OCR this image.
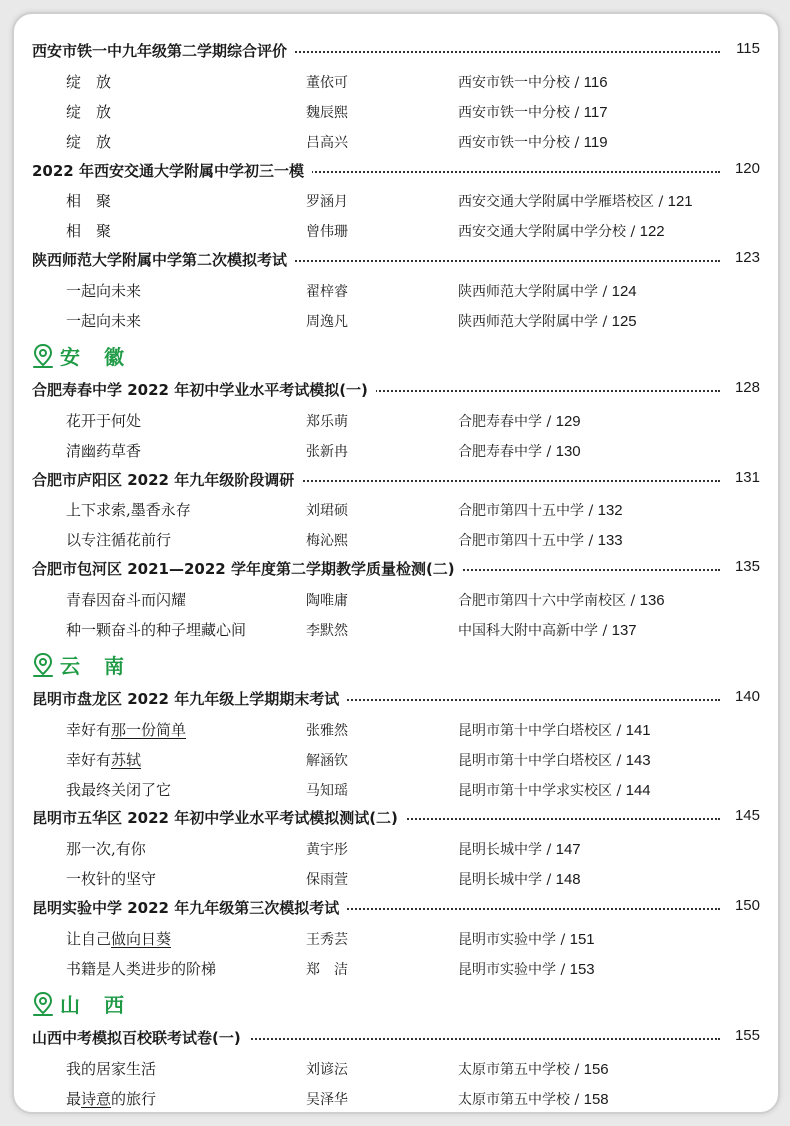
西安市铁一中九年级第二学期综合评价	115
绽　放	董依可	西安市铁一中分校 / 116
绽　放	魏辰熙	西安市铁一中分校 / 117
绽　放	吕高兴	西安市铁一中分校 / 119
2022 年西安交通大学附属中学初三一模	120
相　聚	罗涵月	西安交通大学附属中学雁塔校区 / 121
相　聚	曾伟珊	西安交通大学附属中学分校 / 122
陕西师范大学附属中学第二次模拟考试	123
一起向未来	翟梓睿	陕西师范大学附属中学 / 124
一起向未来	周逸凡	陕西师范大学附属中学 / 125
安徽
合肥寿春中学 2022 年初中学业水平考试模拟(一)	128
花开于何处	郑乐萌	合肥寿春中学 / 129
清幽药草香	张新冉	合肥寿春中学 / 130
合肥市庐阳区 2022 年九年级阶段调研	131
上下求索,墨香永存	刘珺硕	合肥市第四十五中学 / 132
以专注循花前行	梅沁熙	合肥市第四十五中学 / 133
合肥市包河区 2021—2022 学年度第二学期教学质量检测(二)	135
青春因奋斗而闪耀	陶唯庸	合肥市第四十六中学南校区 / 136
种一颗奋斗的种子埋藏心间	李默然	中国科大附中高新中学 / 137
云南
昆明市盘龙区 2022 年九年级上学期期末考试	140
幸好有那一份简单	张雅然	昆明市第十中学白塔校区 / 141
幸好有苏轼	解涵钦	昆明市第十中学白塔校区 / 143
我最终关闭了它	马知瑶	昆明市第十中学求实校区 / 144
昆明市五华区 2022 年初中学业水平考试模拟测试(二)	145
那一次,有你	黄宇彤	昆明长城中学 / 147
一枚针的坚守	保雨萱	昆明长城中学 / 148
昆明实验中学 2022 年九年级第三次模拟考试	150
让自己做向日葵	王秀芸	昆明市实验中学 / 151
书籍是人类进步的阶梯	郑　洁	昆明市实验中学 / 153
山西
山西中考模拟百校联考试卷(一)	155
我的居家生活	刘谚沄	太原市第五中学校 / 156
最诗意的旅行	吴泽华	太原市第五中学校 / 158
